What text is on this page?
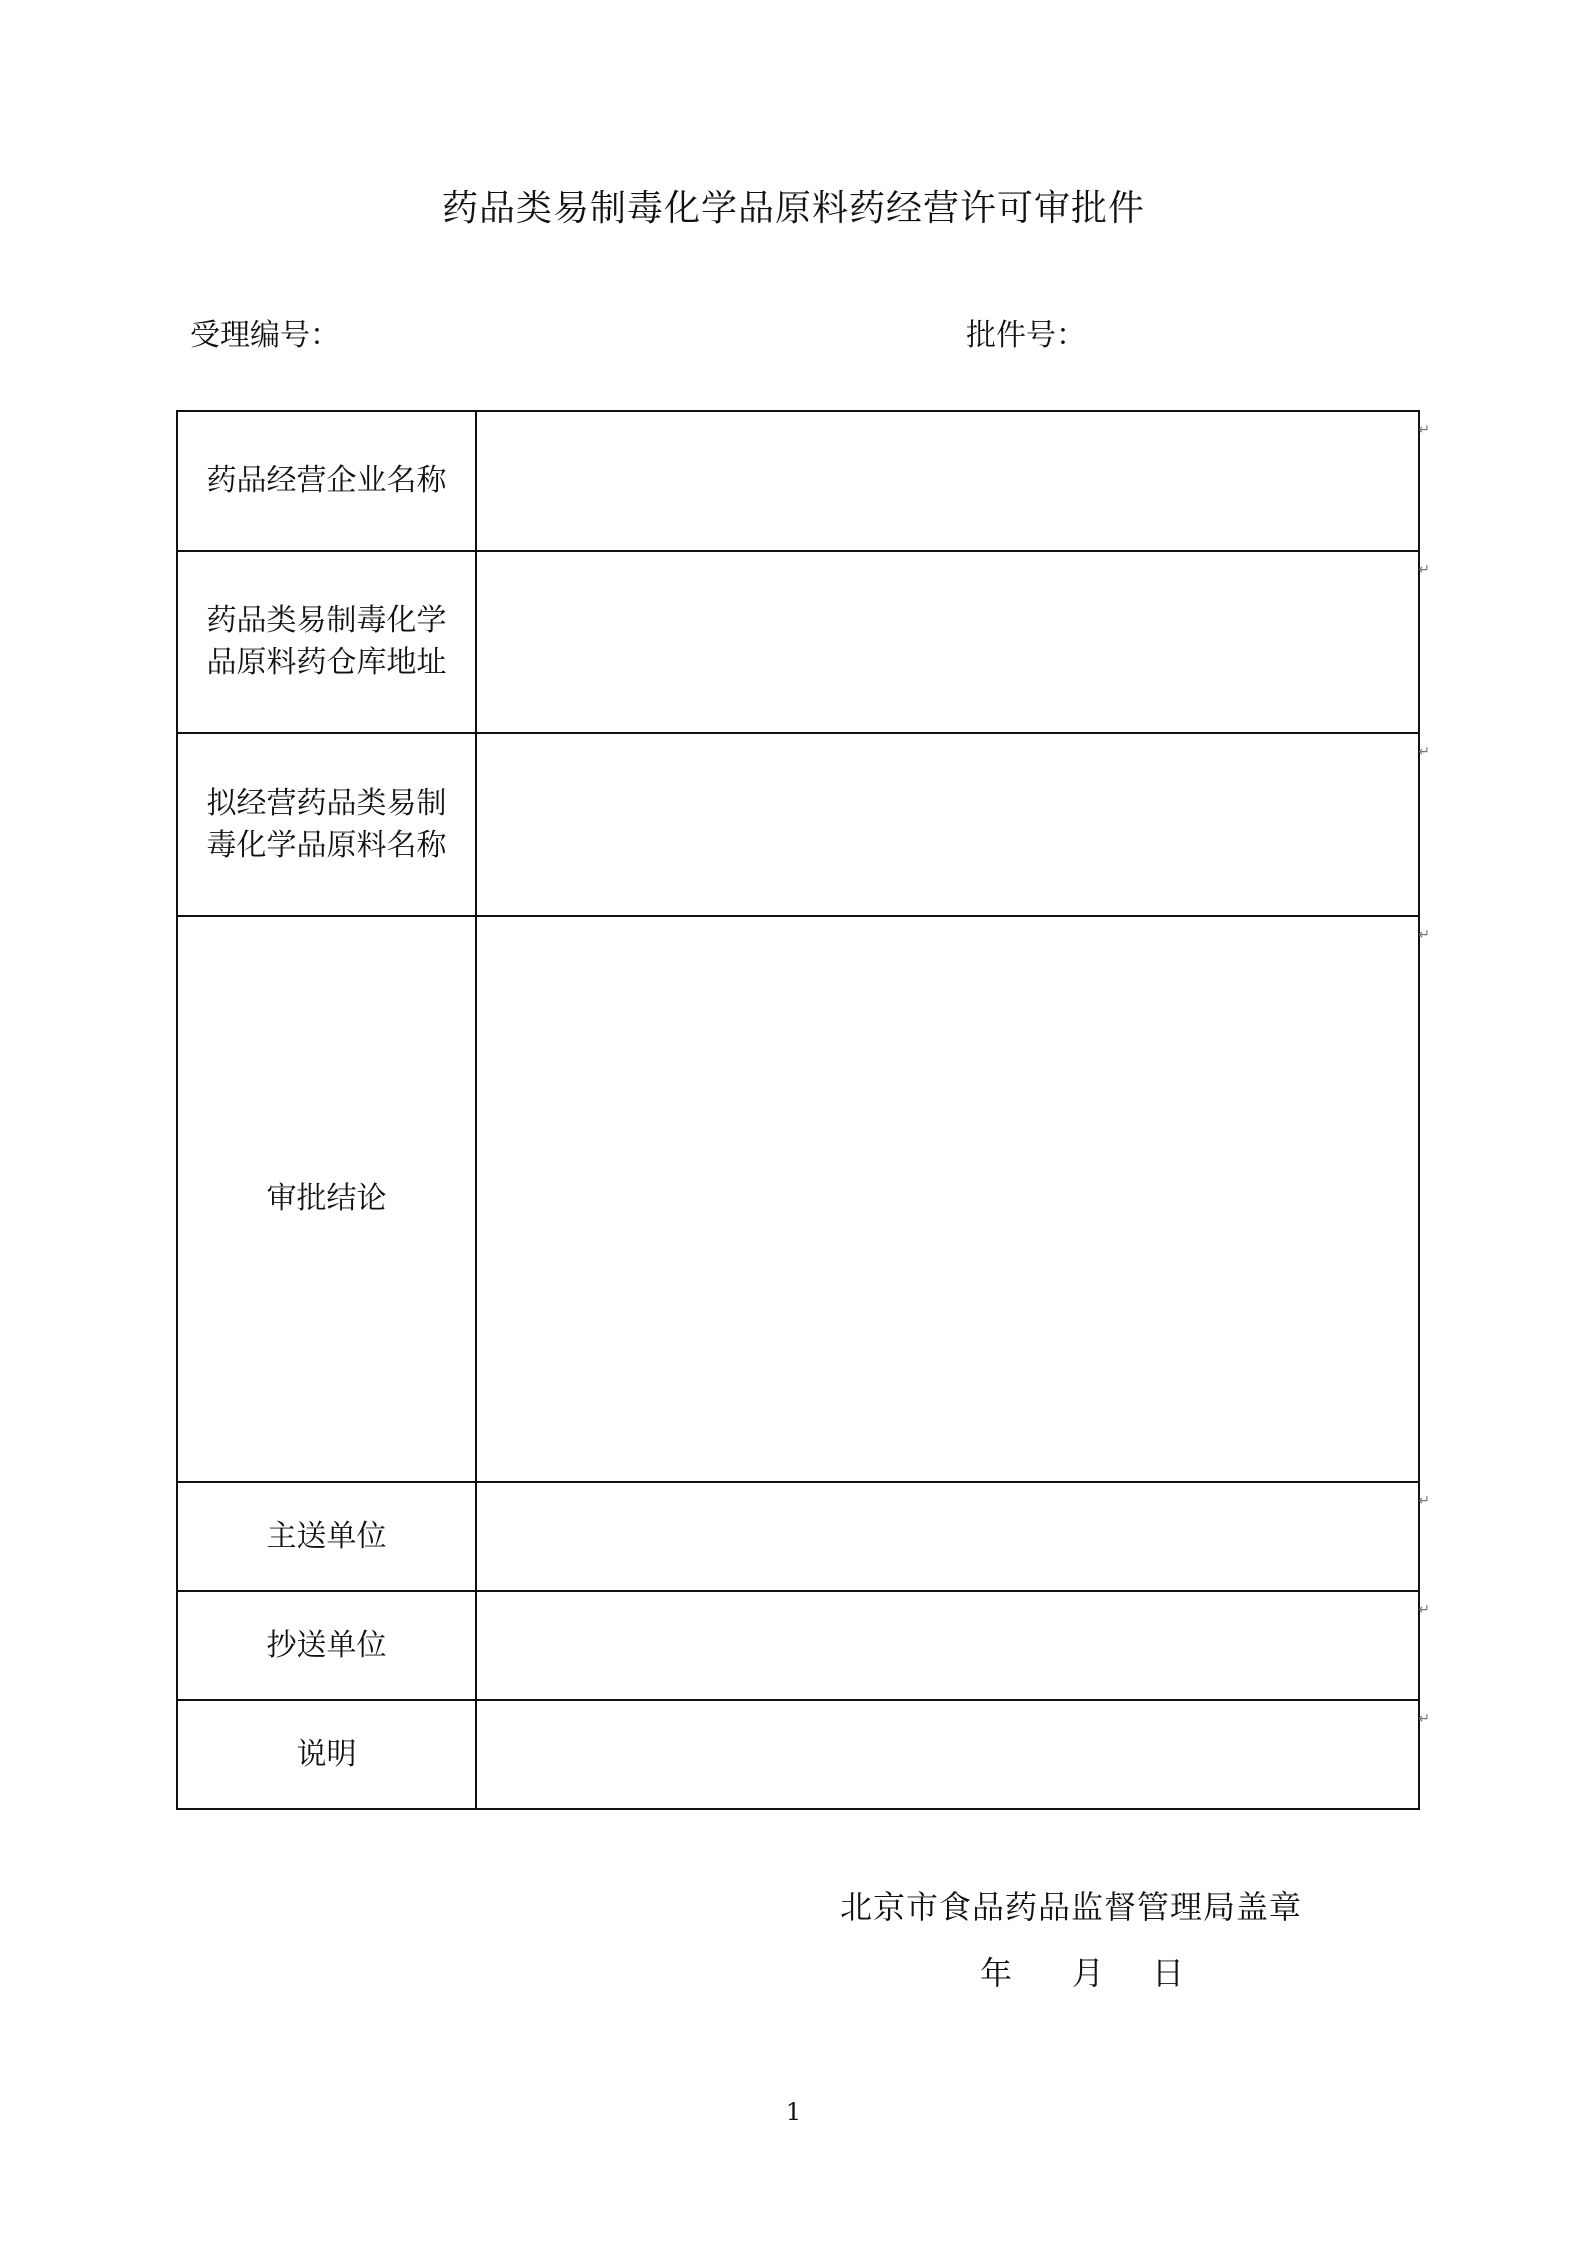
药品类易制毒化学品原料药经营许可审批件
受理编号：	批件号：
药品经营企业名称	↵

药品类易制毒化学品原料药仓库地址	↵

拟经营药品类易制毒化学品原料名称	↵

审批结论	↵

主送单位	↵

抄送单位	↵

说明	↵
北京市食品药品监督管理局盖章
年 月 日
1
